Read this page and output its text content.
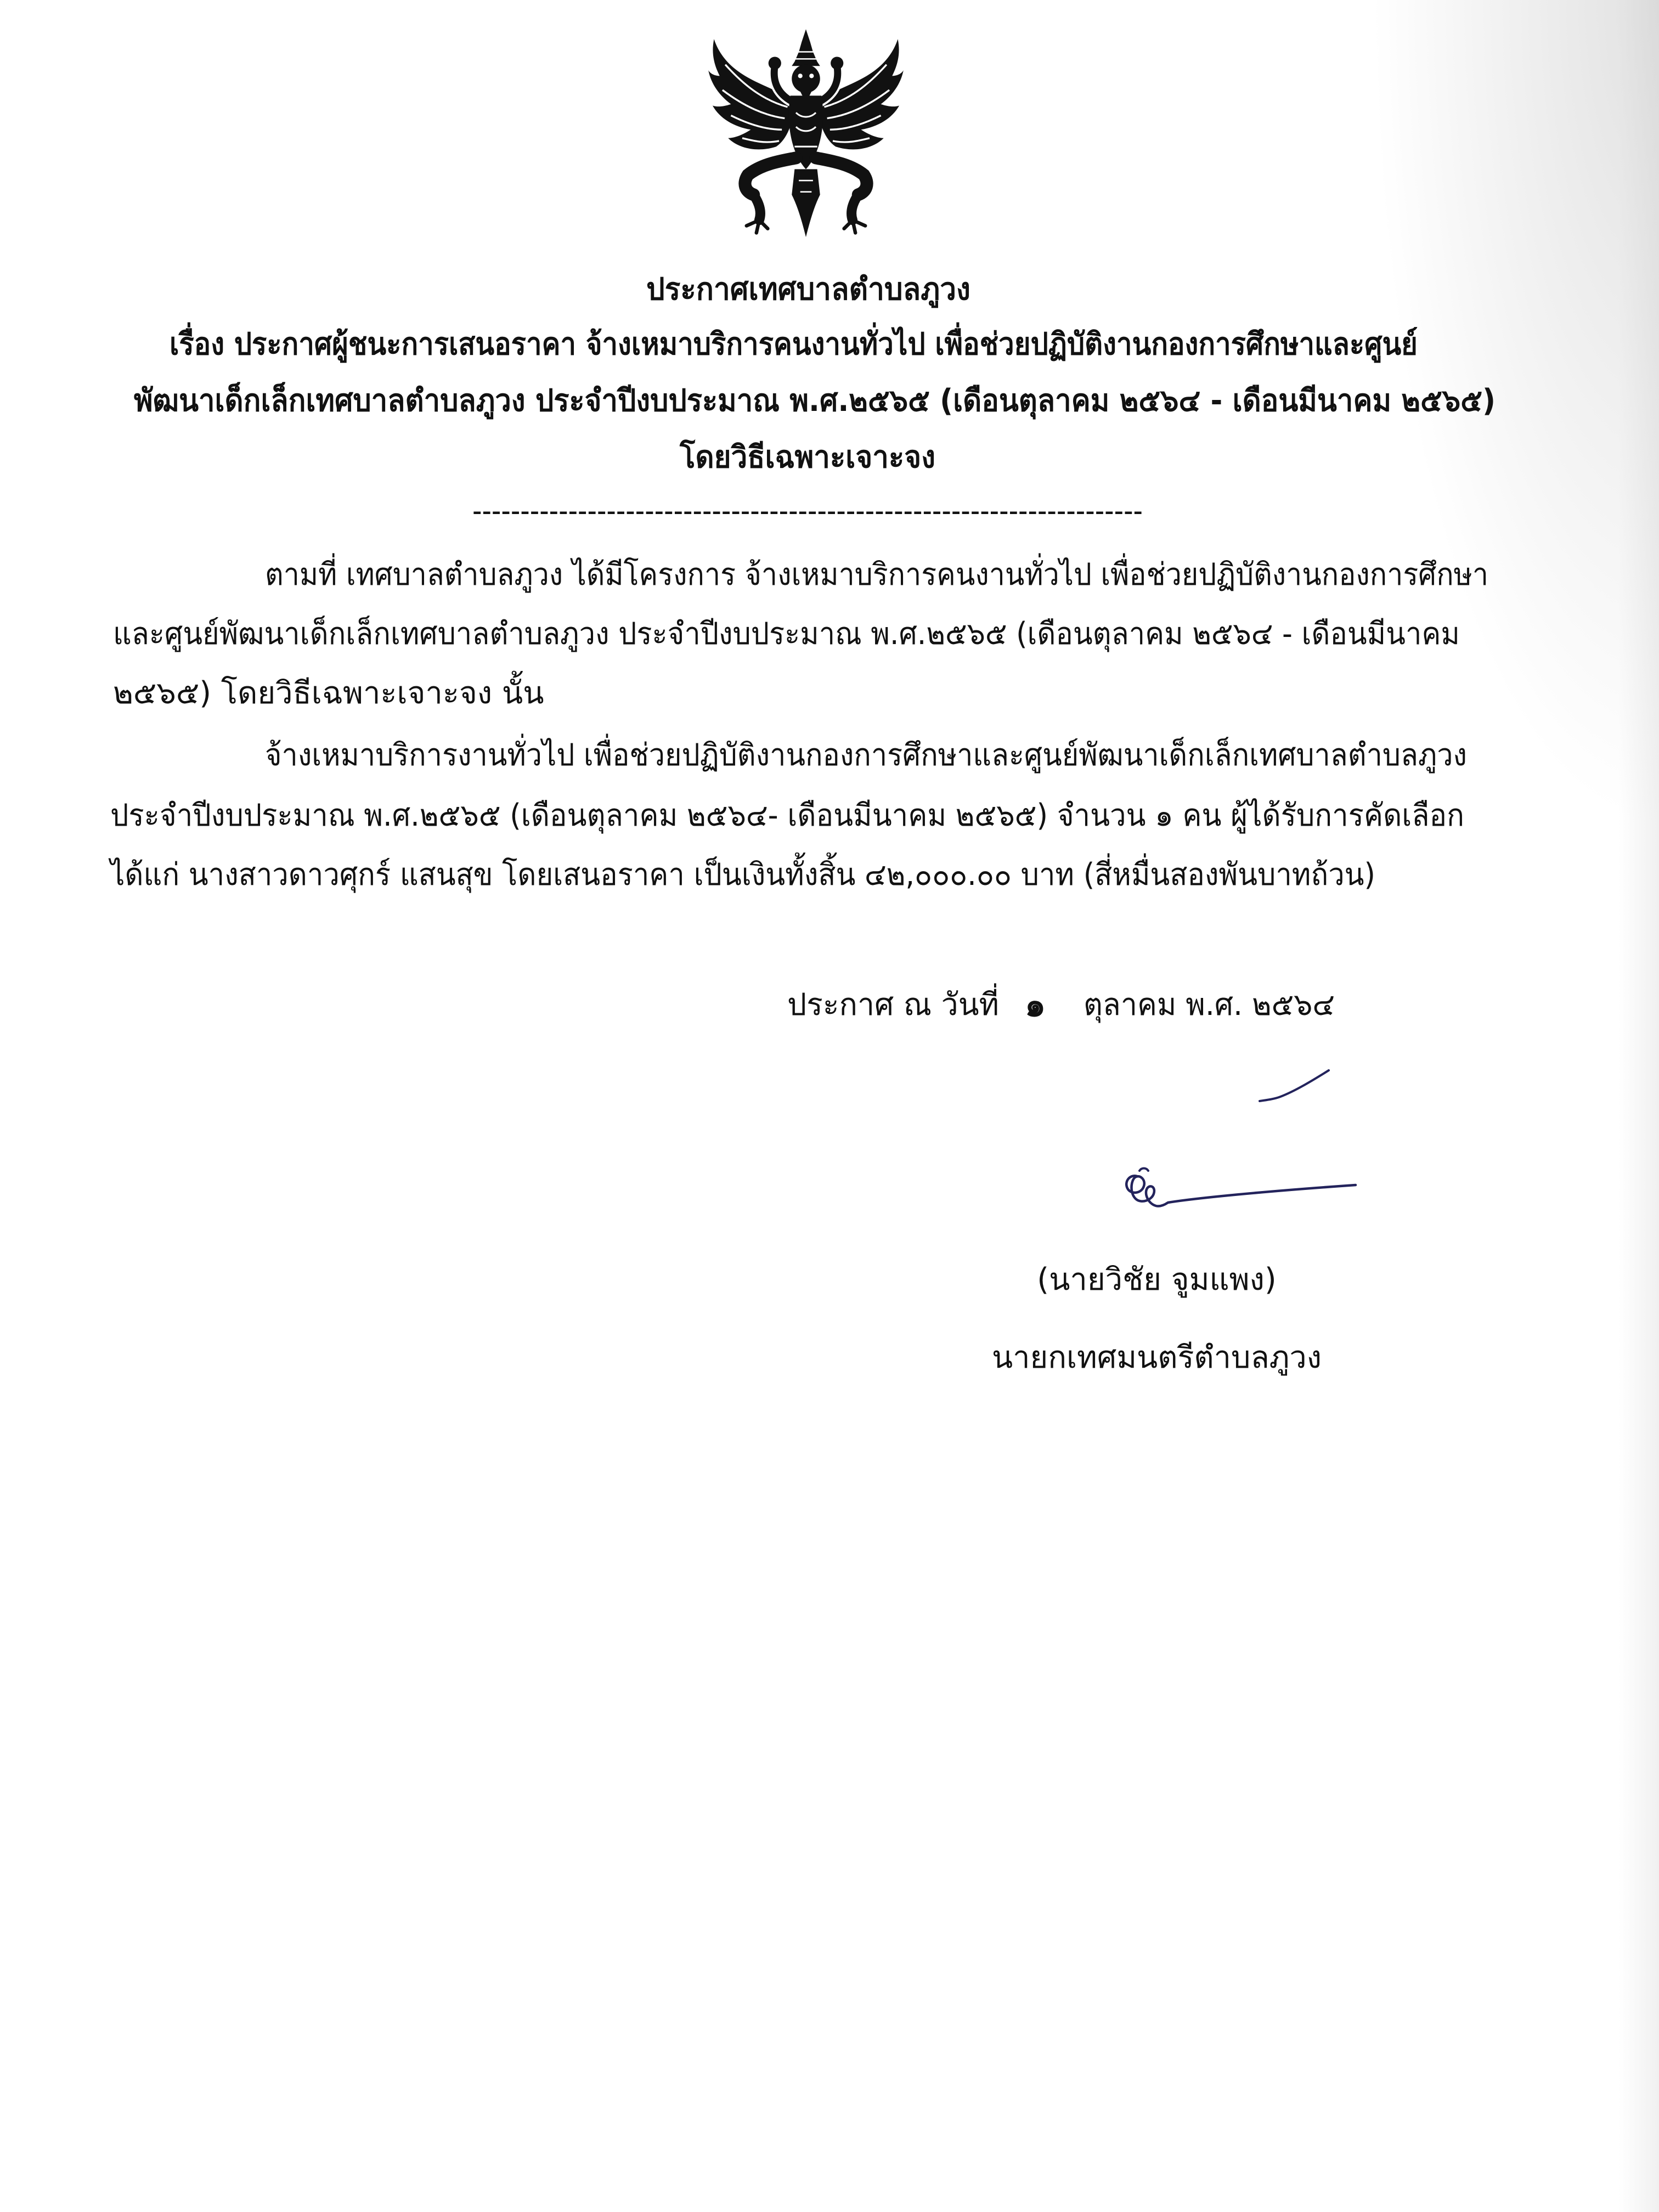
ประกาศเทศบาลตำบลภูวง
เรื่อง ประกาศผู้ชนะการเสนอราคา จ้างเหมาบริการคนงานทั่วไป เพื่อช่วยปฏิบัติงานกองการศึกษาและศูนย์
พัฒนาเด็กเล็กเทศบาลตำบลภูวง ประจำปีงบประมาณ พ.ศ.๒๕๖๕ (เดือนตุลาคม ๒๕๖๔ - เดือนมีนาคม ๒๕๖๕)
โดยวิธีเฉพาะเจาะจง
----------------------------------------------------------------------
ตามที่ เทศบาลตำบลภูวง ได้มีโครงการ จ้างเหมาบริการคนงานทั่วไป เพื่อช่วยปฏิบัติงานกองการศึกษา
และศูนย์พัฒนาเด็กเล็กเทศบาลตำบลภูวง ประจำปีงบประมาณ พ.ศ.๒๕๖๕ (เดือนตุลาคม ๒๕๖๔ - เดือนมีนาคม
๒๕๖๕) โดยวิธีเฉพาะเจาะจง นั้น
จ้างเหมาบริการงานทั่วไป เพื่อช่วยปฏิบัติงานกองการศึกษาและศูนย์พัฒนาเด็กเล็กเทศบาลตำบลภูวง
ประจำปีงบประมาณ พ.ศ.๒๕๖๕ (เดือนตุลาคม ๒๕๖๔- เดือนมีนาคม ๒๕๖๕) จำนวน ๑ คน ผู้ได้รับการคัดเลือก
ได้แก่ นางสาวดาวศุกร์ แสนสุข โดยเสนอราคา เป็นเงินทั้งสิ้น ๔๒,๐๐๐.๐๐ บาท (สี่หมื่นสองพันบาทถ้วน)
ประกาศ ณ วันที่ ๑	ตุลาคม พ.ศ. ๒๕๖๔
(นายวิชัย จูมแพง)
นายกเทศมนตรีตำบลภูวง
